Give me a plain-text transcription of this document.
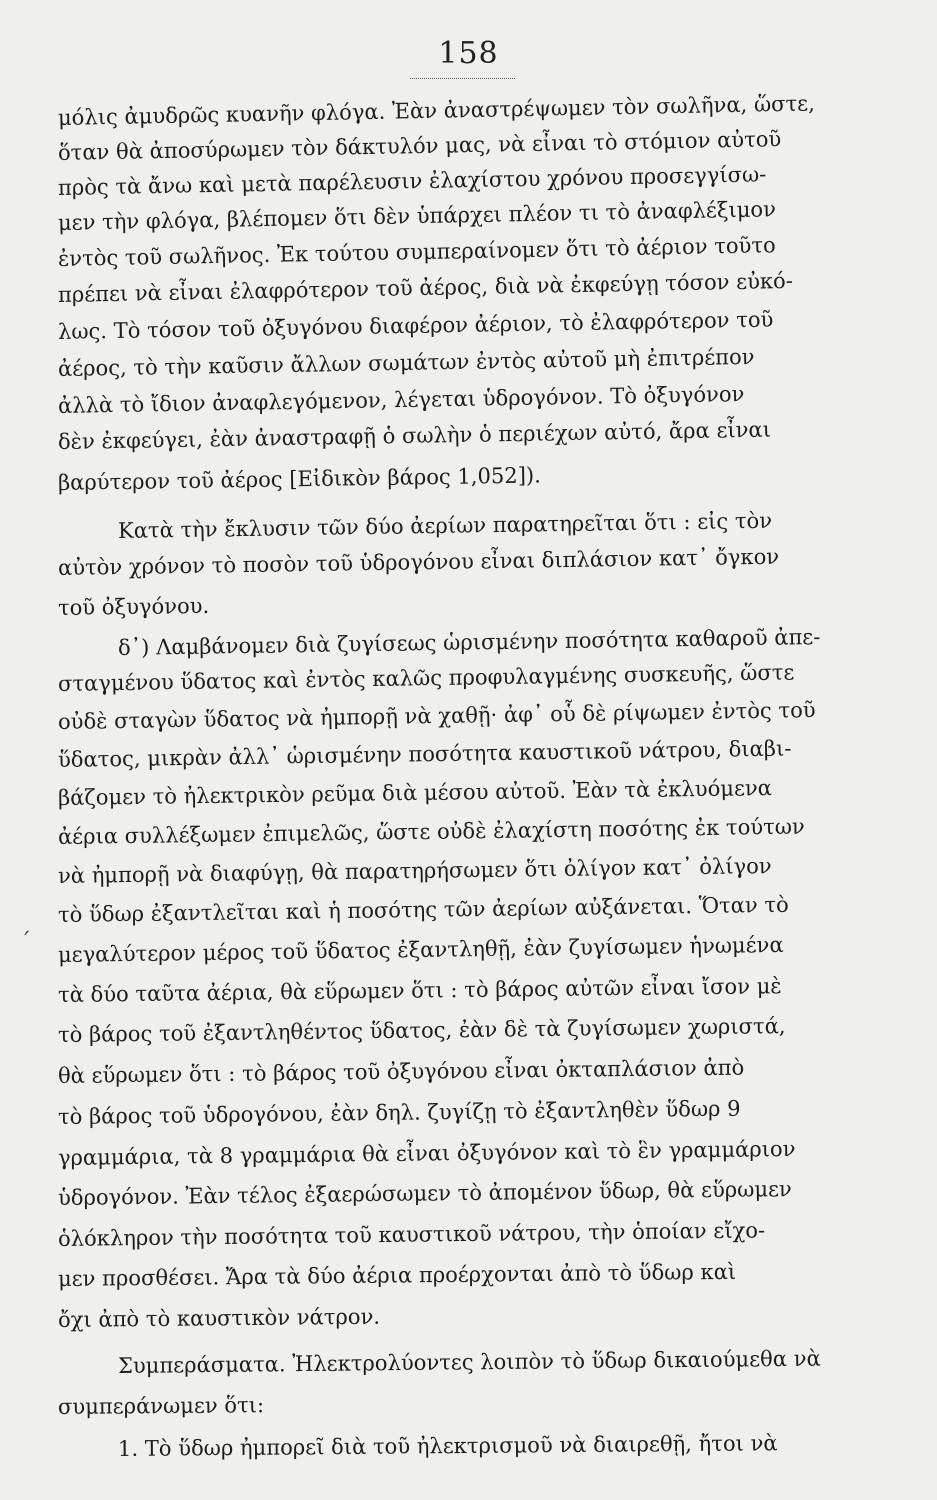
158
μόλις ἀμυδρῶς κυανῆν φλόγα. Ἐὰν ἀναστρέψωμεν τὸν σωλῆνα, ὥστε,
ὅταν θὰ ἀποσύρωμεν τὸν δάκτυλόν μας, νὰ εἶναι τὸ στόμιον αὐτοῦ
πρὸς τὰ ἄνω καὶ μετὰ παρέλευσιν ἐλαχίστου χρόνου προσεγγίσω-
μεν τὴν φλόγα, βλέπομεν ὅτι δὲν ὑπάρχει πλέον τι τὸ ἀναφλέξιμον
ἐντὸς τοῦ σωλῆνος. Ἐκ τούτου συμπεραίνομεν ὅτι τὸ ἀέριον τοῦτο
πρέπει νὰ εἶναι ἐλαφρότερον τοῦ ἀέρος, διὰ νὰ ἐκφεύγῃ τόσον εὐκό-
λως. Τὸ τόσον τοῦ ὀξυγόνου διαφέρον ἀέριον, τὸ ἐλαφρότερον τοῦ
ἀέρος, τὸ τὴν καῦσιν ἄλλων σωμάτων ἐντὸς αὐτοῦ μὴ ἐπιτρέπον
ἀλλὰ τὸ ἴδιον ἀναφλεγόμενον, λέγεται ὑδρογόνον. Τὸ ὀξυγόνον
δὲν ἐκφεύγει, ἐὰν ἀναστραφῇ ὁ σωλὴν ὁ περιέχων αὐτό, ἄρα εἶναι
βαρύτερον τοῦ ἀέρος [Εἰδικὸν βάρος 1,052]).
Κατὰ τὴν ἔκλυσιν τῶν δύο ἀερίων παρατηρεῖται ὅτι : εἰς τὸν
αὐτὸν χρόνον τὸ ποσὸν τοῦ ὑδρογόνου εἶναι διπλάσιον κατ᾽ ὄγκον
τοῦ ὀξυγόνου.
δ᾽) Λαμβάνομεν διὰ ζυγίσεως ὡρισμένην ποσότητα καθαροῦ ἀπε-
σταγμένου ὕδατος καὶ ἐντὸς καλῶς προφυλαγμένης συσκευῆς, ὥστε
οὐδὲ σταγὼν ὕδατος νὰ ἠμπορῇ νὰ χαθῇ· ἀφ᾽ οὗ δὲ ρίψωμεν ἐντὸς τοῦ
ὕδατος, μικρὰν ἀλλ᾽ ὡρισμένην ποσότητα καυστικοῦ νάτρου, διαβι-
βάζομεν τὸ ἠλεκτρικὸν ρεῦμα διὰ μέσου αὐτοῦ. Ἐὰν τὰ ἐκλυόμενα
ἀέρια συλλέξωμεν ἐπιμελῶς, ὥστε οὐδὲ ἐλαχίστη ποσότης ἐκ τούτων
νὰ ἠμπορῇ νὰ διαφύγῃ, θὰ παρατηρήσωμεν ὅτι ὀλίγον κατ᾽ ὀλίγον
τὸ ὕδωρ ἐξαντλεῖται καὶ ἡ ποσότης τῶν ἀερίων αὐξάνεται. Ὅταν τὸ
μεγαλύτερον μέρος τοῦ ὕδατος ἐξαντληθῇ, ἐὰν ζυγίσωμεν ἡνωμένα
τὰ δύο ταῦτα ἀέρια, θὰ εὕρωμεν ὅτι : τὸ βάρος αὐτῶν εἶναι ἴσον μὲ
τὸ βάρος τοῦ ἐξαντληθέντος ὕδατος, ἐὰν δὲ τὰ ζυγίσωμεν χωριστά,
θὰ εὕρωμεν ὅτι : τὸ βάρος τοῦ ὀξυγόνου εἶναι ὀκταπλάσιον ἀπὸ
τὸ βάρος τοῦ ὑδρογόνου, ἐὰν δηλ. ζυγίζῃ τὸ ἐξαντληθὲν ὕδωρ 9
γραμμάρια, τὰ 8 γραμμάρια θὰ εἶναι ὀξυγόνον καὶ τὸ ἓν γραμμάριον
ὑδρογόνον. Ἐὰν τέλος ἐξαερώσωμεν τὸ ἀπομένον ὕδωρ, θὰ εὕρωμεν
ὁλόκληρον τὴν ποσότητα τοῦ καυστικοῦ νάτρου, τὴν ὁποίαν εἴχο-
μεν προσθέσει. Ἄρα τὰ δύο ἀέρια προέρχονται ἀπὸ τὸ ὕδωρ καὶ
ὄχι ἀπὸ τὸ καυστικὸν νάτρον.
Συμπεράσματα. Ἠλεκτρολύοντες λοιπὸν τὸ ὕδωρ δικαιούμεθα νὰ
συμπεράνωμεν ὅτι:
1. Τὸ ὕδωρ ἠμπορεῖ διὰ τοῦ ἠλεκτρισμοῦ νὰ διαιρεθῇ, ἤτοι νὰ
ˊ
